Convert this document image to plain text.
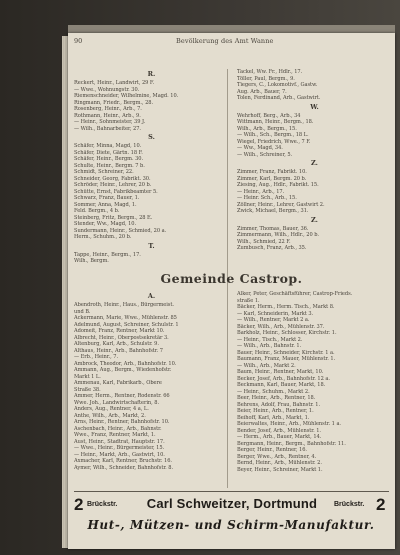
90	Bevölkerung des Amt Wanne
R.
Reckert, Heinr., Landwirt, 29 F.
— Wwe., Wohnungstr. 30.
Riemenschneider, Wilhelmine, Magd. 10.
Ringmann, Friedr., Bergm., 28.
Rosenberg, Heinr., Arb., 7.
Rothmann, Heinr., Arb., 9.
— Heinr., Sohnmeister, 39 J.
— Wilh., Bahnarbeiter, 27.
S.
Schäfer, Minna, Magd, 10.
Schäfer, Diete, Gärtn. 18 F.
Schäfer, Heinr., Bergm. 30.
Schulte, Heinr., Bergm. 7 b.
Schmidt, Schreiner, 22.
Schneider, Georg, Fabrikt. 30.
Schröder, Heinr., Lehrer, 20 b.
Schütte, Ernst, Fabrikbeamter 5.
Schwarz, Franz, Bauer, 1.
Sommer, Anna, Magd, 1.
Feld. Bergm., 4 b.
Steinberg, Fritz, Bergm., 28 E.
Stender, Ww., Magd, 10.
Sundermann, Heinr., Schmied, 20 a.
Herm., Schuhm., 20 b.
T.
Tappe, Heinr., Bergm., 17.
Wilh., Bergm.
Tackel, Ww. Fr., Hdlr., 17.
Töller, Paul, Bergm., 9.
Tiegers, C., Lokomotivf., Gastw.
Aug. Arb., Bauer, 7.
Tolen, Ferdinand, Arb., Gastwirt.
W.
Wehrhoff, Berg., Arb., 34
Wittmann, Heinr., Bergm., 18.
Wilh., Arb., Bergm., 15.
— Wilh., Sch., Bergm., 18 L.
Wiegel, Friedrich, Wwe., 7 F.
— Ww., Magd, 34.
— Wilh., Schreiner, 5.
Z.
Zimmer, Franz, Fabrikt. 10.
Zimmer, Karl, Bergm. 20 b.
Ziesing, Aug., Hdlr., Fabrikt. 15.
— Heinr., Arb., 17.
— Heinr. Sch., Arb., 15.
Zöllner, Heinr., Lehrer, Gastwirt 2.
Zwick, Michael, Bergm., 31.
Z.
Zimmer, Thomas, Bauer, 36.
Zimmermann, Wilh., Hdlr., 20 b.
Wilh., Schmied, 22 F.
Zumbusch, Franz, Arb., 35.
Gemeinde Castrop.
A.
Abendroth, Heinr., Haus., Bürgermeist.
und B.
Ackermann, Marie, Wwe., Mühlenstr. 85
Adelmund, August, Schreiner, Schulstr. 1
Adomeit, Franz, Rentner, Markt 10.
Albrecht, Heinr., Oberpostsekretär 3.
Altenburg, Karl, Arb., Schulstr. 9.
Althaus, Heinr., Arb., Bahnhofstr. 7
— Erb., Heinr., 7.
Ambrock, Theodor, Arb., Bahnhofstr. 10.
Ammann, Aug., Bergm., Wiedenhofstr.
Markt 1 L.
Ammenau, Karl, Fabrikarb., Obere
Straße 38.
Ammer, Herm., Rentner, Rodenstr. 66
Wwe. Joh., Landwirtschafterin, 8.
Anders, Aug., Rentner, 4 a, L.
Anthe, Wilh., Arb., Markt, 2.
Arns, Heinr., Rentner, Bahnhofstr. 10.
Aschenbach, Heinr., Arb., Bahnstr.
Wwe., Franz, Rentner, Markt, 1.
Aust, Heinr., Stadtrat, Hauptstr. 17.
— Wwe., Heinr., Bürgermeister, 15.
— Heinr., Markt, Arb., Gastwirt, 10.
Axmacher, Karl, Rentner, Bruchstr. 16.
Aymer, Wilh., Schneider, Bahnhofstr. 8.
Alker, Peter, Geschäftsführer, Castrop-Frieds.
straße 1.
Bäcker, Herm., Herm. Tisch., Markt 8.
— Karl, Schneiderin, Markt 3.
— Wilh., Rentner, Markt 2 a.
Bäcker, Wilh., Arb., Mühlenstr. 37.
Barkholz, Heinr., Schlosser, Kirchstr. 1.
— Heinr., Tisch., Markt 2.
— Wilh., Arb., Bahnstr. 1.
Bauer, Heinr., Schneider, Kirchstr. 1 a.
Baumann, Franz, Mauer, Mühlenstr. 1.
— Wilh., Arb., Markt 2.
Baum, Heinr., Rentner, Markt, 10.
Becker, Josef, Arb., Bahnhofstr. 12 a.
Beckmann, Karl, Bauer, Markt, 18.
— Heinr., Schuhm., Markt 2.
Beer, Heinr., Arb., Rentner, 18.
Behrens, Adolf, Frau, Bahnstr. 1.
Beier, Heinr., Arb., Rentner, 1.
Beihoff, Karl, Arb., Markt, 1.
Beierwaltes, Heinr., Arb., Mühlenstr. 1 a.
Bender, Josef, Arb., Mühlenstr. 1.
— Herm., Arb., Bauer, Markt, 14.
Bergmann, Heinr., Bergm., Bahnhofstr. 11.
Berger, Heinr., Rentner, 16.
Berger, Wwe., Arb., Rentner, 4.
Bernd, Heinr., Arb., Mühlenstr. 2.
Beyer, Heinr., Schreiner, Markt 1.
2 Brückstr.	Carl Schweitzer, Dortmund	Brückstr. 2
Hut-, Mützen- und Schirm-Manufaktur.
